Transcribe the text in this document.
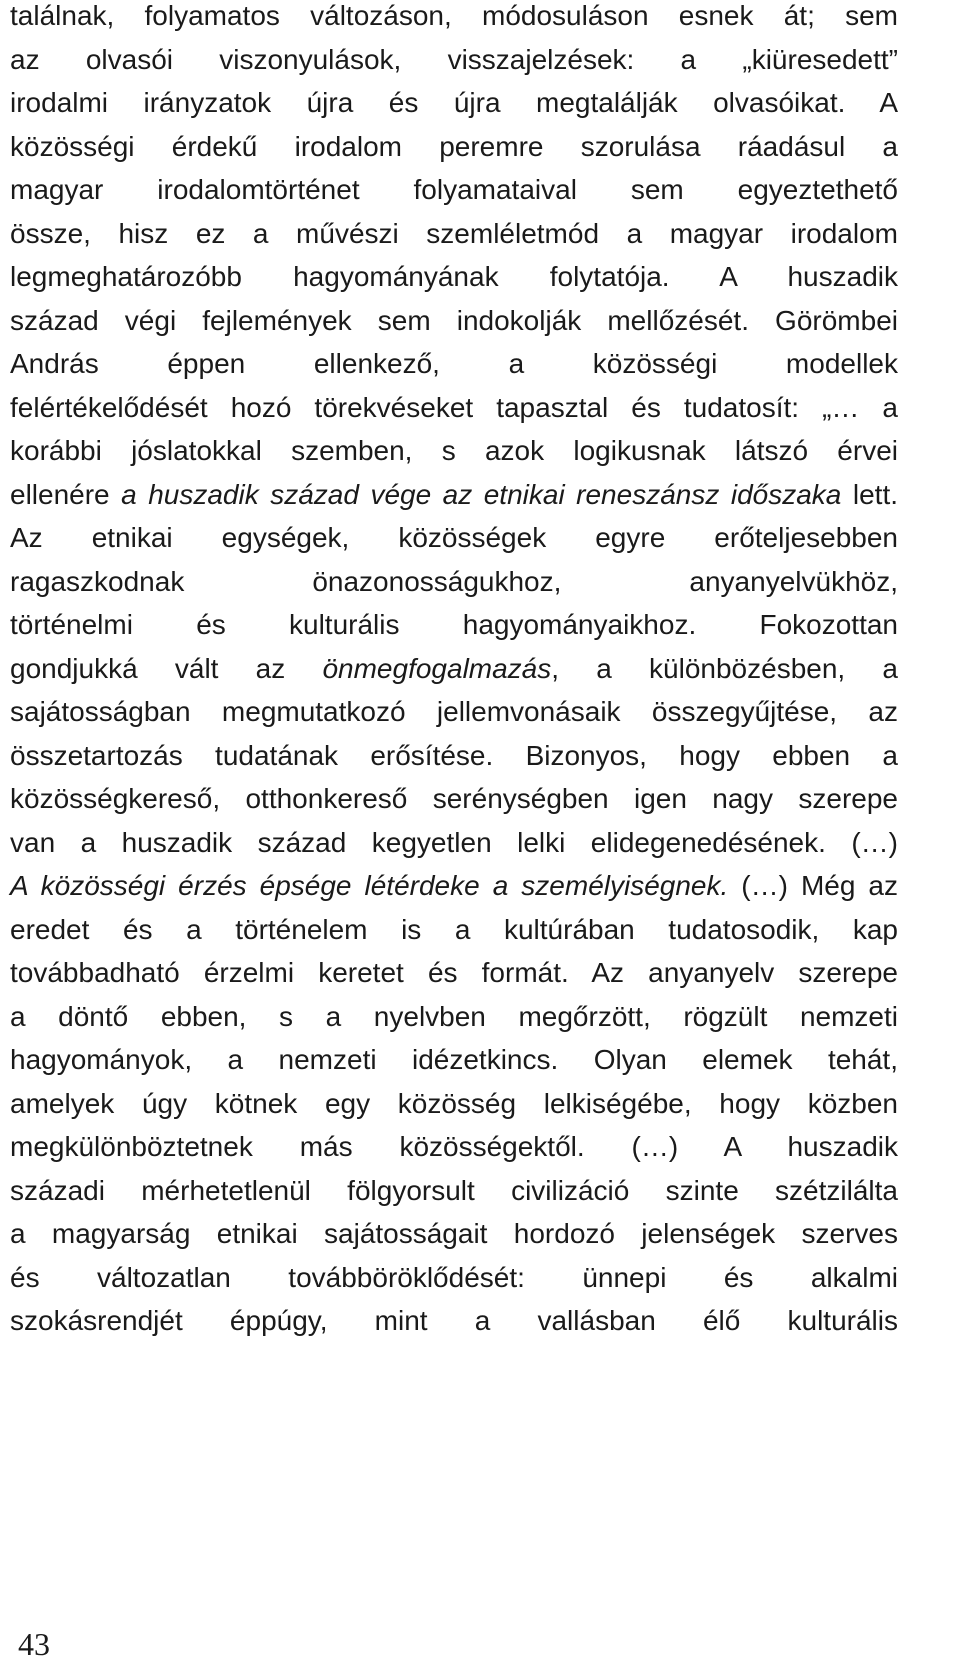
találnak, folyamatos változáson, módosuláson esnek át; sem
az olvasói viszonyulások, visszajelzések: a „kiüresedett”
irodalmi irányzatok újra és újra megtalálják olvasóikat. A
közösségi érdekű irodalom peremre szorulása ráadásul a
magyar irodalomtörténet folyamataival sem egyeztethető
össze, hisz ez a művészi szemléletmód a magyar irodalom
legmeghatározóbb hagyományának folytatója. A huszadik
század végi fejlemények sem indokolják mellőzését. Görömbei
András éppen ellenkező, a közösségi modellek
felértékelődését hozó törekvéseket tapasztal és tudatosít: „… a
korábbi jóslatokkal szemben, s azok logikusnak látszó érvei
ellenére a huszadik század vége az etnikai reneszánsz időszaka lett.
Az etnikai egységek, közösségek egyre erőteljesebben
ragaszkodnak önazonosságukhoz, anyanyelvükhöz,
történelmi és kulturális hagyományaikhoz. Fokozottan
gondjukká vált az önmegfogalmazás, a különbözésben, a
sajátosságban megmutatkozó jellemvonásaik összegyűjtése, az
összetartozás tudatának erősítése. Bizonyos, hogy ebben a
közösségkereső, otthonkereső serénységben igen nagy szerepe
van a huszadik század kegyetlen lelki elidegenedésének. (…)
A közösségi érzés épsége létérdeke a személyiségnek. (…) Még az
eredet és a történelem is a kultúrában tudatosodik, kap
továbbadható érzelmi keretet és formát. Az anyanyelv szerepe
a döntő ebben, s a nyelvben megőrzött, rögzült nemzeti
hagyományok, a nemzeti idézetkincs. Olyan elemek tehát,
amelyek úgy kötnek egy közösség lelkiségébe, hogy közben
megkülönböztetnek más közösségektől. (…) A huszadik
századi mérhetetlenül fölgyorsult civilizáció szinte szétzilálta
a magyarság etnikai sajátosságait hordozó jelenségek szerves
és változatlan továbböröklődését: ünnepi és alkalmi
szokásrendjét éppúgy, mint a vallásban élő kulturális

43
